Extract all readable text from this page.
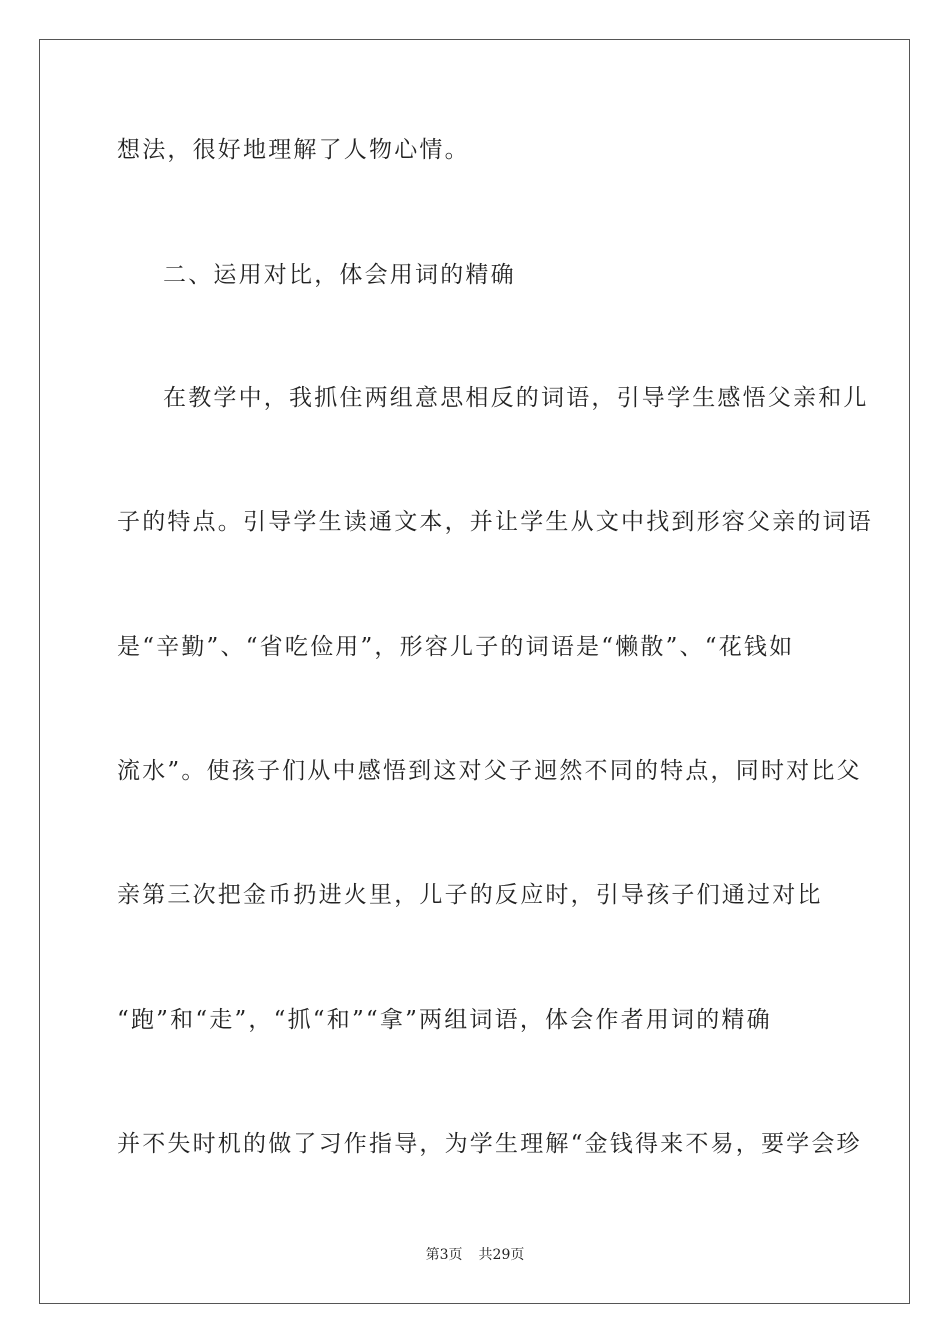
想法，很好地理解了人物心情。
二、运用对比，体会用词的精确
在教学中，我抓住两组意思相反的词语，引导学生感悟父亲和儿
子的特点。引导学生读通文本，并让学生从文中找到形容父亲的词语
是“辛勤”、“省吃俭用”，形容儿子的词语是“懒散”、“花钱如
流水”。使孩子们从中感悟到这对父子迥然不同的特点，同时对比父
亲第三次把金币扔进火里，儿子的反应时，引导孩子们通过对比
“跑”和“走”，“抓“和”“拿”两组词语，体会作者用词的精确
并不失时机的做了习作指导，为学生理解“金钱得来不易，要学会珍
第3页 共29页
